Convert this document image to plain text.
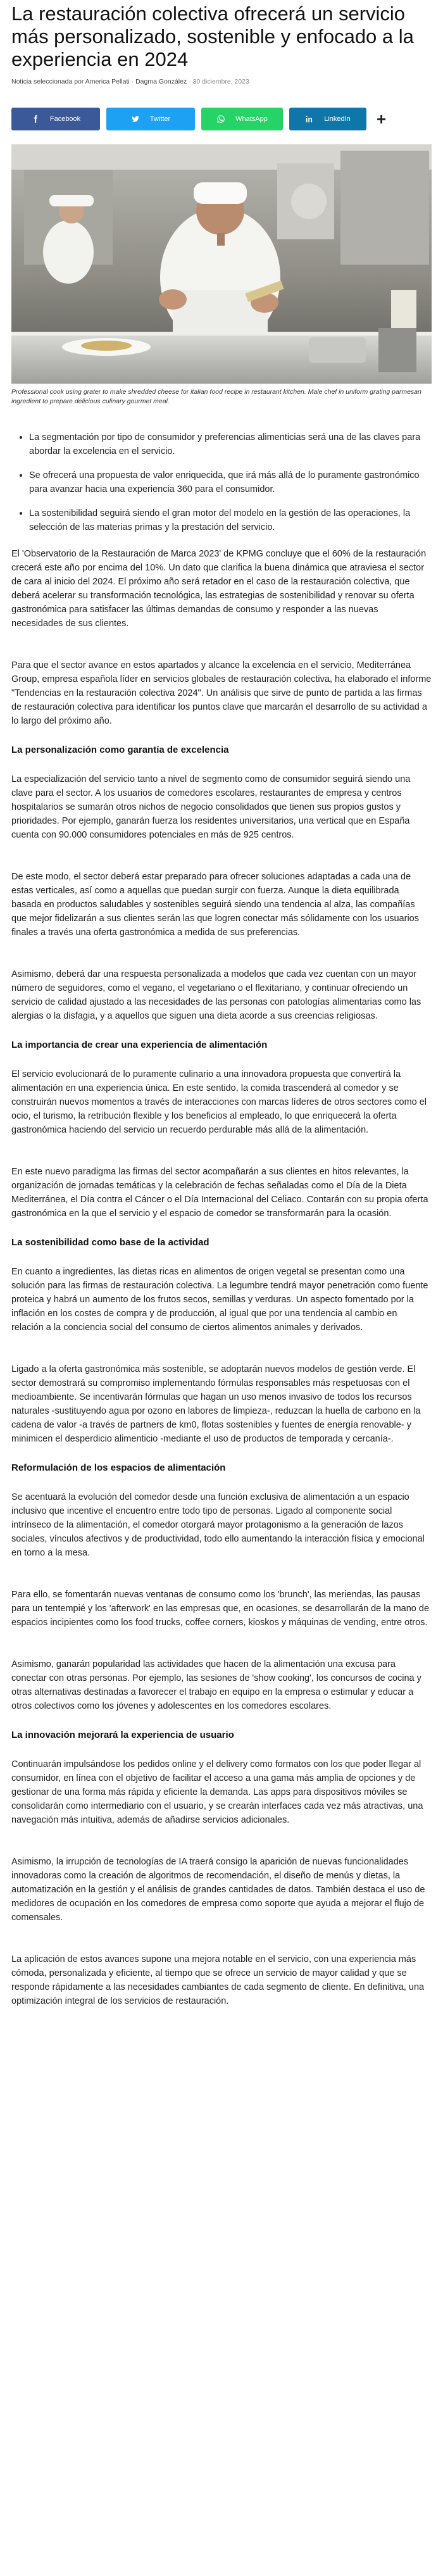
La restauración colectiva ofrecerá un servicio más personalizado, sostenible y enfocado a la experiencia en 2024
Noticia seleccionada por America Pellati · Dagma González · 30 diciembre, 2023
Facebook	Twitter	WhatsApp	LinkedIn +
Professional cook using grater to make shredded cheese for italian food recipe in restaurant kitchen. Male chef in uniform grating parmesan ingredient to prepare delicious culinary gourmet meal.
• La segmentación por tipo de consumidor y preferencias alimenticias será una de las claves para abordar la excelencia en el servicio.
• Se ofrecerá una propuesta de valor enriquecida, que irá más allá de lo puramente gastronómico para avanzar hacia una experiencia 360 para el consumidor.
• La sostenibilidad seguirá siendo el gran motor del modelo en la gestión de las operaciones, la selección de las materias primas y la prestación del servicio.

El 'Observatorio de la Restauración de Marca 2023' de KPMG concluye que el 60% de la restauración crecerá este año por encima del 10%. Un dato que clarifica la buena dinámica que atraviesa el sector de cara al inicio del 2024. El próximo año será retador en el caso de la restauración colectiva, que deberá acelerar su transformación tecnológica, las estrategias de sostenibilidad y renovar su oferta gastronómica para satisfacer las últimas demandas de consumo y responder a las nuevas necesidades de sus clientes.

Para que el sector avance en estos apartados y alcance la excelencia en el servicio, Mediterránea Group, empresa española líder en servicios globales de restauración colectiva, ha elaborado el informe "Tendencias en la restauración colectiva 2024". Un análisis que sirve de punto de partida a las firmas de restauración colectiva para identificar los puntos clave que marcarán el desarrollo de su actividad a lo largo del próximo año.

La personalización como garantía de excelencia

La especialización del servicio tanto a nivel de segmento como de consumidor seguirá siendo una clave para el sector. A los usuarios de comedores escolares, restaurantes de empresa y centros hospitalarios se sumarán otros nichos de negocio consolidados que tienen sus propios gustos y prioridades. Por ejemplo, ganarán fuerza los residentes universitarios, una vertical que en España cuenta con 90.000 consumidores potenciales en más de 925 centros.

De este modo, el sector deberá estar preparado para ofrecer soluciones adaptadas a cada una de estas verticales, así como a aquellas que puedan surgir con fuerza. Aunque la dieta equilibrada basada en productos saludables y sostenibles seguirá siendo una tendencia al alza, las compañías que mejor fidelizarán a sus clientes serán las que logren conectar más sólidamente con los usuarios finales a través una oferta gastronómica a medida de sus preferencias.

Asimismo, deberá dar una respuesta personalizada a modelos que cada vez cuentan con un mayor número de seguidores, como el vegano, el vegetariano o el flexitariano, y continuar ofreciendo un servicio de calidad ajustado a las necesidades de las personas con patologías alimentarias como las alergias o la disfagia, y a aquellos que siguen una dieta acorde a sus creencias religiosas.

La importancia de crear una experiencia de alimentación

El servicio evolucionará de lo puramente culinario a una innovadora propuesta que convertirá la alimentación en una experiencia única. En este sentido, la comida trascenderá al comedor y se construirán nuevos momentos a través de interacciones con marcas líderes de otros sectores como el ocio, el turismo, la retribución flexible y los beneficios al empleado, lo que enriquecerá la oferta gastronómica haciendo del servicio un recuerdo perdurable más allá de la alimentación.

En este nuevo paradigma las firmas del sector acompañarán a sus clientes en hitos relevantes, la organización de jornadas temáticas y la celebración de fechas señaladas como el Día de la Dieta Mediterránea, el Día contra el Cáncer o el Día Internacional del Celiaco. Contarán con su propia oferta gastronómica en la que el servicio y el espacio de comedor se transformarán para la ocasión.

La sostenibilidad como base de la actividad

En cuanto a ingredientes, las dietas ricas en alimentos de origen vegetal se presentan como una solución para las firmas de restauración colectiva. La legumbre tendrá mayor penetración como fuente proteica y habrá un aumento de los frutos secos, semillas y verduras. Un aspecto fomentado por la inflación en los costes de compra y de producción, al igual que por una tendencia al cambio en relación a la conciencia social del consumo de ciertos alimentos animales y derivados.

Ligado a la oferta gastronómica más sostenible, se adoptarán nuevos modelos de gestión verde. El sector demostrará su compromiso implementando fórmulas responsables más respetuosas con el medioambiente. Se incentivarán fórmulas que hagan un uso menos invasivo de todos los recursos naturales -sustituyendo agua por ozono en labores de limpieza-, reduzcan la huella de carbono en la cadena de valor -a través de partners de km0, flotas sostenibles y fuentes de energía renovable- y minimicen el desperdicio alimenticio -mediante el uso de productos de temporada y cercanía-.

Reformulación de los espacios de alimentación

Se acentuará la evolución del comedor desde una función exclusiva de alimentación a un espacio inclusivo que incentive el encuentro entre todo tipo de personas. Ligado al componente social intrínseco de la alimentación, el comedor otorgará mayor protagonismo a la generación de lazos sociales, vínculos afectivos y de productividad, todo ello aumentando la interacción física y emocional en torno a la mesa.

Para ello, se fomentarán nuevas ventanas de consumo como los 'brunch', las meriendas, las pausas para un tentempié y los 'afterwork' en las empresas que, en ocasiones, se desarrollarán de la mano de espacios incipientes como los food trucks, coffee corners, kioskos y máquinas de vending, entre otros.

Asimismo, ganarán popularidad las actividades que hacen de la alimentación una excusa para conectar con otras personas. Por ejemplo, las sesiones de 'show cooking', los concursos de cocina y otras alternativas destinadas a favorecer el trabajo en equipo en la empresa o estimular y educar a otros colectivos como los jóvenes y adolescentes en los comedores escolares.

La innovación mejorará la experiencia de usuario

Continuarán impulsándose los pedidos online y el delivery como formatos con los que poder llegar al consumidor, en línea con el objetivo de facilitar el acceso a una gama más amplia de opciones y de gestionar de una forma más rápida y eficiente la demanda. Las apps para dispositivos móviles se consolidarán como intermediario con el usuario, y se crearán interfaces cada vez más atractivas, una navegación más intuitiva, además de añadirse servicios adicionales.

Asimismo, la irrupción de tecnologías de IA traerá consigo la aparición de nuevas funcionalidades innovadoras como la creación de algoritmos de recomendación, el diseño de menús y dietas, la automatización en la gestión y el análisis de grandes cantidades de datos. También destaca el uso de medidores de ocupación en los comedores de empresa como soporte que ayuda a mejorar el flujo de comensales.

La aplicación de estos avances supone una mejora notable en el servicio, con una experiencia más cómoda, personalizada y eficiente, al tiempo que se ofrece un servicio de mayor calidad y que se responde rápidamente a las necesidades cambiantes de cada segmento de cliente. En definitiva, una optimización integral de los servicios de restauración.
